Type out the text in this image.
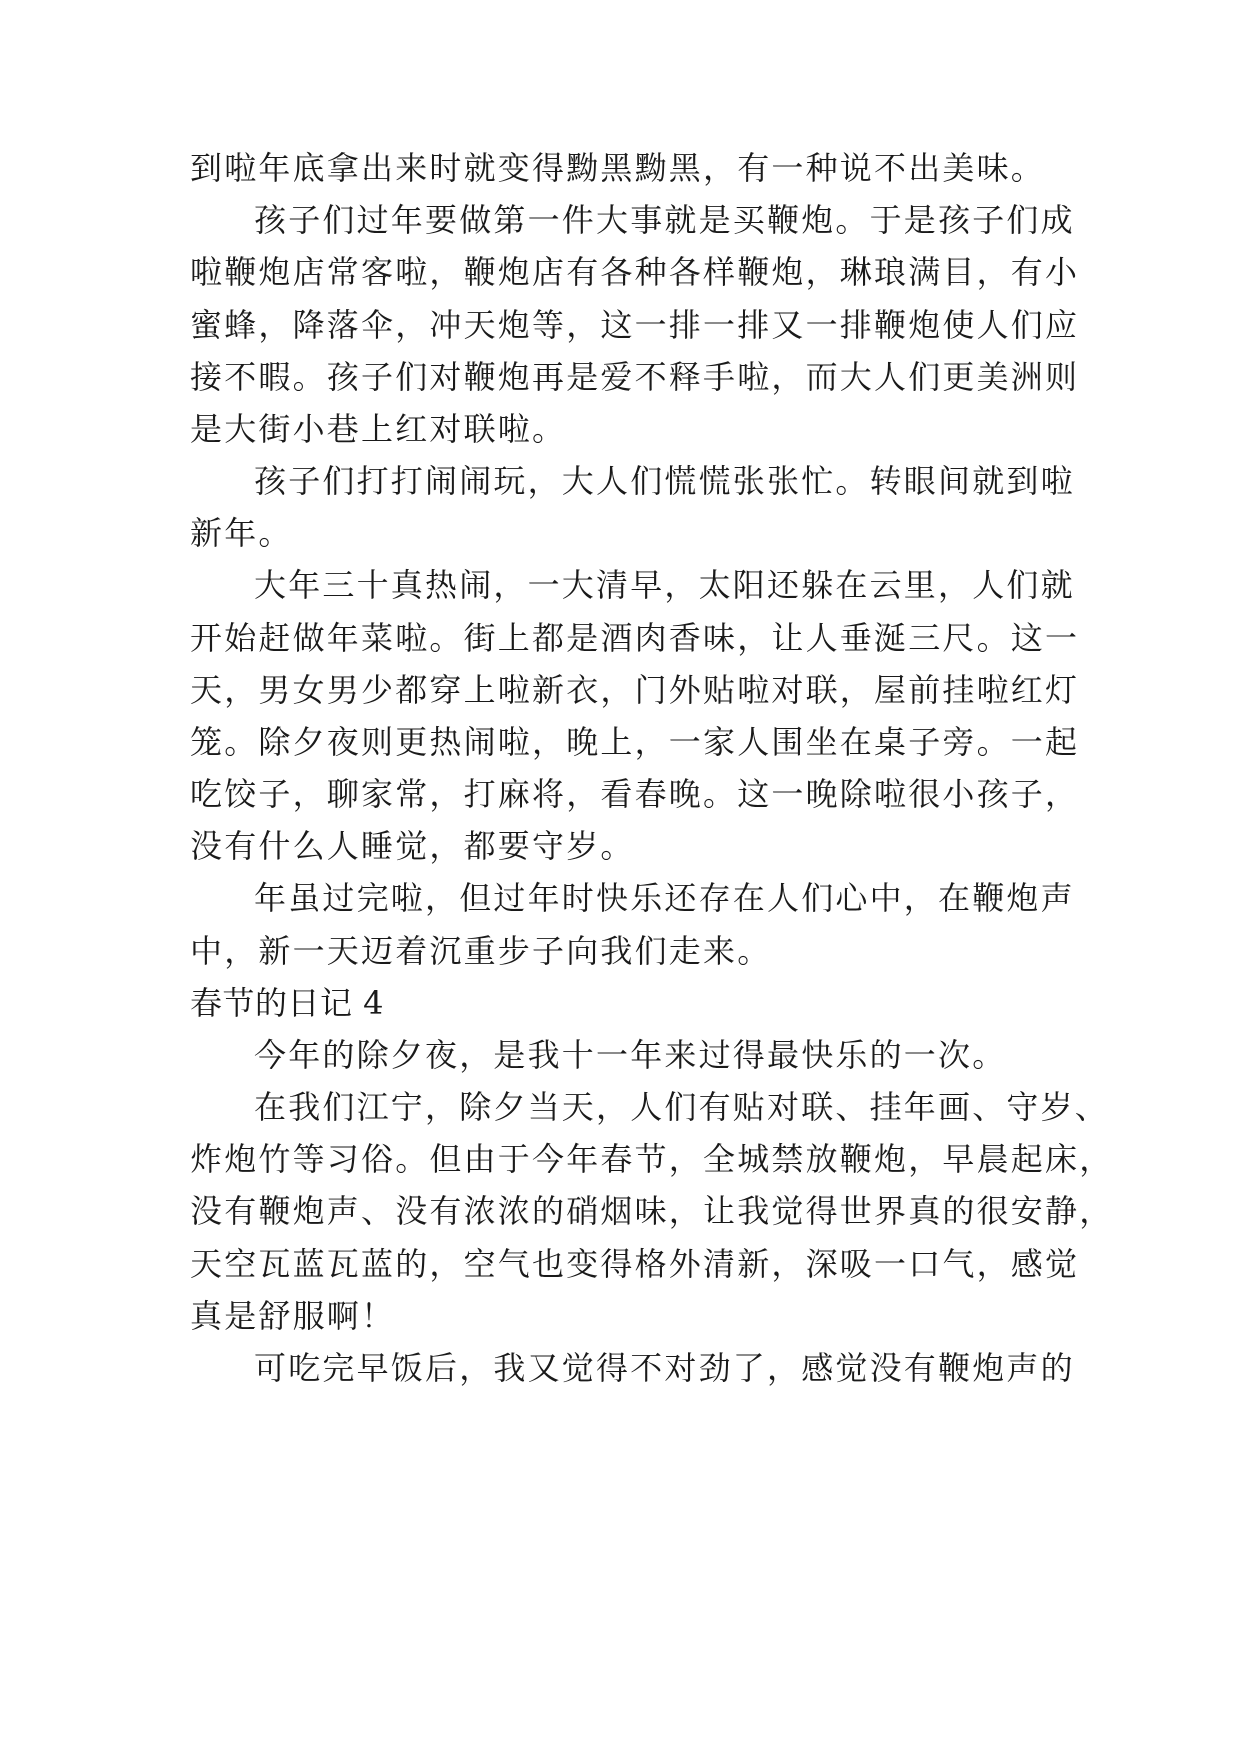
到啦年底拿出来时就变得黝黑黝黑，有一种说不出美味。
孩子们过年要做第一件大事就是买鞭炮。于是孩子们成
啦鞭炮店常客啦，鞭炮店有各种各样鞭炮，琳琅满目，有小
蜜蜂，降落伞，冲天炮等，这一排一排又一排鞭炮使人们应
接不暇。孩子们对鞭炮再是爱不释手啦，而大人们更美洲则
是大街小巷上红对联啦。
孩子们打打闹闹玩，大人们慌慌张张忙。转眼间就到啦
新年。
大年三十真热闹，一大清早，太阳还躲在云里，人们就
开始赶做年菜啦。街上都是酒肉香味，让人垂涎三尺。这一
天，男女男少都穿上啦新衣，门外贴啦对联，屋前挂啦红灯
笼。除夕夜则更热闹啦，晚上，一家人围坐在桌子旁。一起
吃饺子，聊家常，打麻将，看春晚。这一晚除啦很小孩子，
没有什么人睡觉，都要守岁。
年虽过完啦，但过年时快乐还存在人们心中，在鞭炮声
中，新一天迈着沉重步子向我们走来。
春节的日记 4
今年的除夕夜，是我十一年来过得最快乐的一次。
在我们江宁，除夕当天，人们有贴对联、挂年画、守岁、
炸炮竹等习俗。但由于今年春节，全城禁放鞭炮，早晨起床，
没有鞭炮声、没有浓浓的硝烟味，让我觉得世界真的很安静，
天空瓦蓝瓦蓝的，空气也变得格外清新，深吸一口气，感觉
真是舒服啊！
可吃完早饭后，我又觉得不对劲了，感觉没有鞭炮声的
